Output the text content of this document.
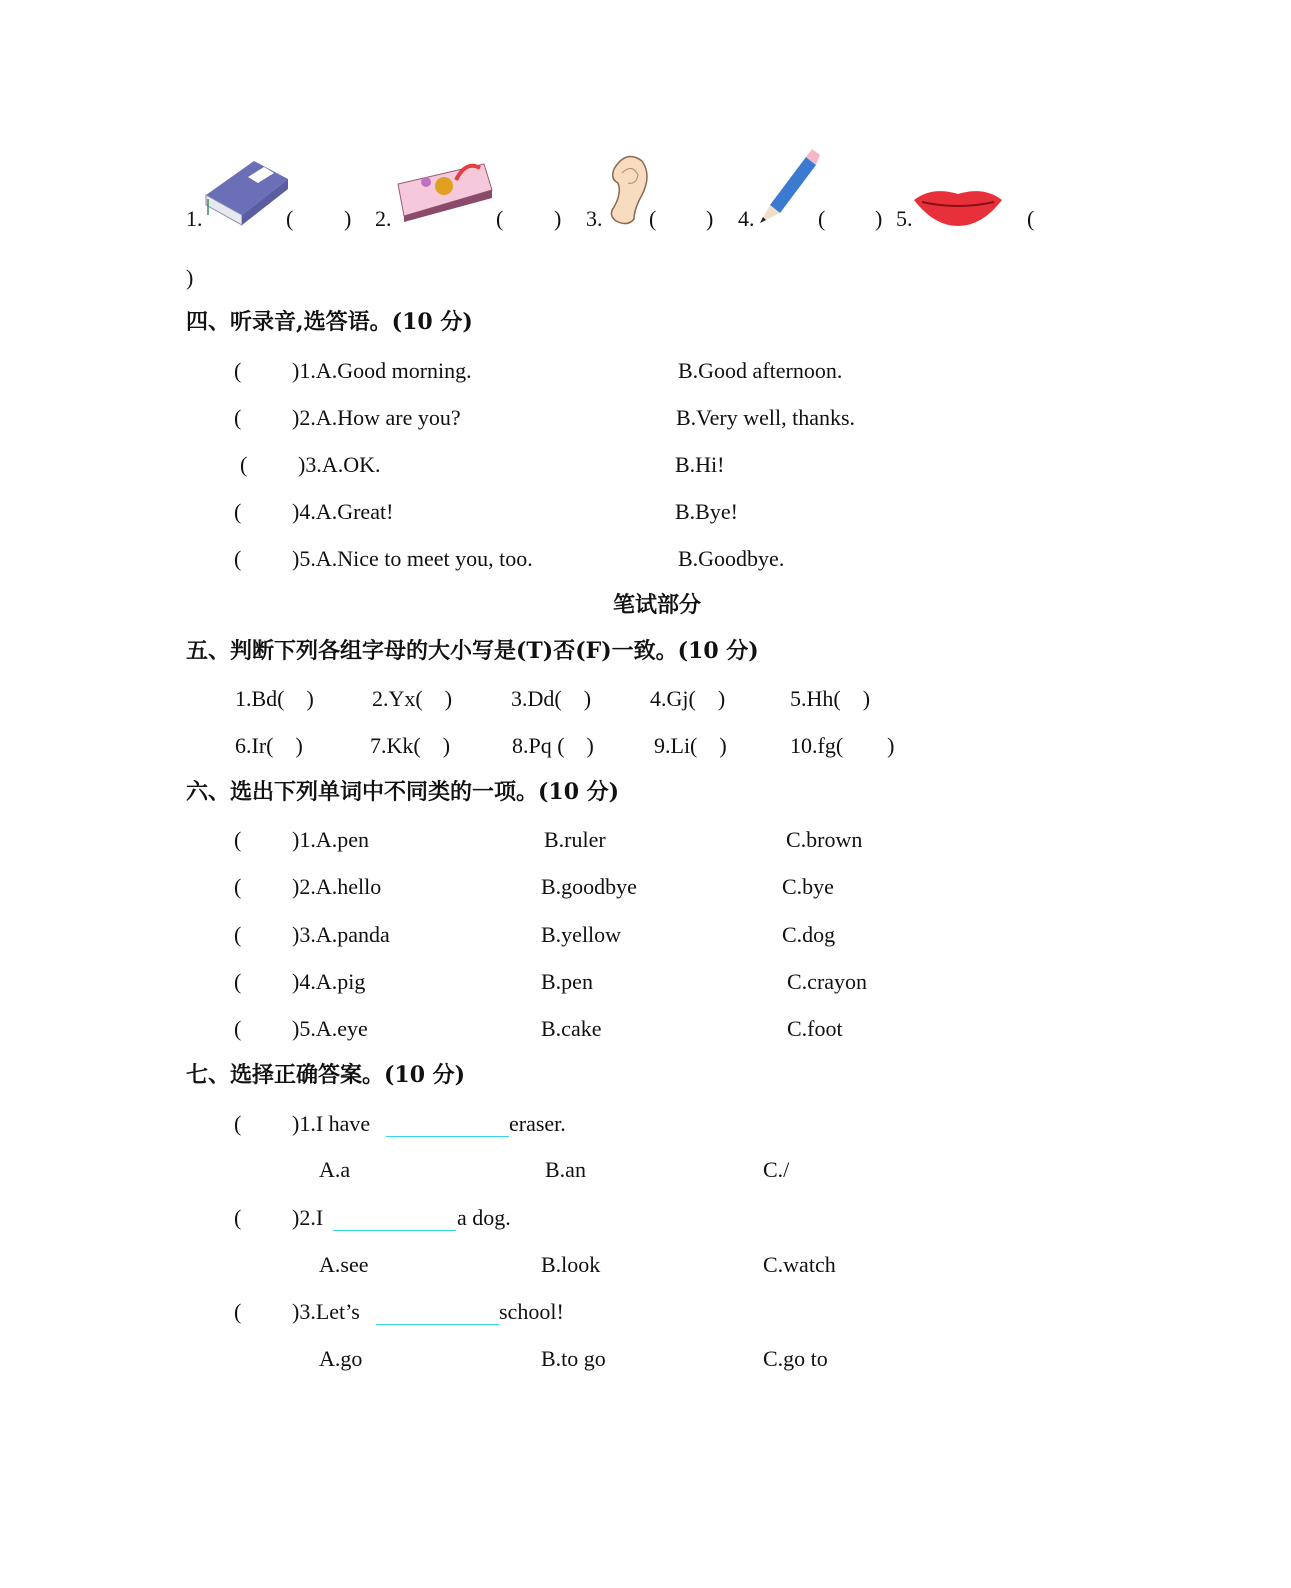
1.	( ) 2.	( ) 3. ( ) 4.	( ) 5.	(
)
四、听录音,选答语。(10 分)
( )1.A.Good morning.	B.Good afternoon.
( )2.A.How are you?	B.Very well, thanks.
( )3.A.OK.	B.Hi!
( )4.A.Great!	B.Bye!
( )5.A.Nice to meet you, too.	B.Goodbye.
笔试部分
五、判断下列各组字母的大小写是(T)否(F)一致。(10 分)
1.Bd(    )	2.Yx(    )	3.Dd(    )	4.Gj(    )	5.Hh(    )
6.Ir(    )	7.Kk(    )	8.Pq (    )	9.Li(    )	10.fg(        )
六、选出下列单词中不同类的一项。(10 分)
( )1.A.pen	B.ruler	C.brown
( )2.A.hello	B.goodbye	C.bye
( )3.A.panda	B.yellow	C.dog
( )4.A.pig	B.pen	C.crayon
( )5.A.eye	B.cake	C.foot
七、选择正确答案。(10 分)
( )1.I have	eraser.
A.a	B.an	C./
( )2.I	a dog.
A.see	B.look	C.watch
( )3.Let’s	school!
A.go	B.to go	C.go to
